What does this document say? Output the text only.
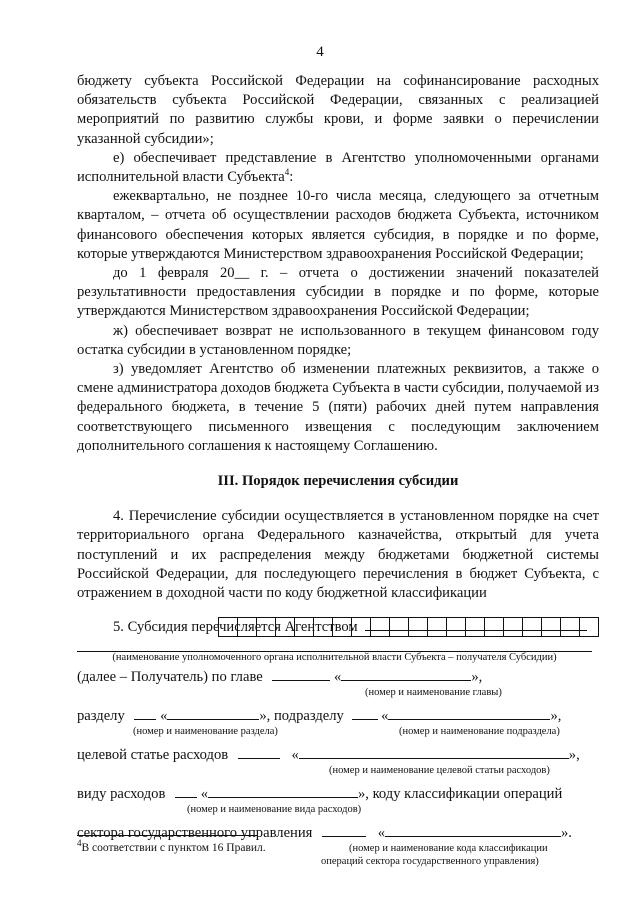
4

бюджету субъекта Российской Федерации на софинансирование расходных обязательств субъекта Российской Федерации, связанных с реализацией мероприятий по развитию службы крови, и форме заявки о перечислении указанной субсидии»;

е) обеспечивает представление в Агентство уполномоченными органами исполнительной власти Субъекта$^4$:

ежеквартально, не позднее 10-го числа месяца, следующего за отчетным кварталом, – отчета об осуществлении расходов бюджета Субъекта, источником финансового обеспечения которых является субсидия, в порядке и по форме, которые утверждаются Министерством здравоохранения Российской Федерации;

до 1 февраля 20__ г. – отчета о достижении значений показателей результативности предоставления субсидии в порядке и по форме, которые утверждаются Министерством здравоохранения Российской Федерации;

ж) обеспечивает возврат не использованного в текущем финансовом году остатка субсидии в установленном порядке;

з) уведомляет Агентство об изменении платежных реквизитов, а также о смене администратора доходов бюджета Субъекта в части субсидии, получаемой из федерального бюджета, в течение 5 (пяти) рабочих дней путем направления соответствующего письменного извещения с последующим заключением дополнительного соглашения к настоящему Соглашению.

III. Порядок перечисления субсидии

4. Перечисление субсидии осуществляется в установленном порядке на счет территориального органа Федерального казначейства, открытый для учета поступлений и их распределения между бюджетами бюджетной системы Российской Федерации, для последующего перечисления в бюджет Субъекта, с отражением в доходной части по коду бюджетной классификации

5. Субсидия перечисляется Агентством
(наименование уполномоченного органа исполнительной власти Субъекта – получателя Субсидии)
(далее – Получатель) по главе	«	»,
(номер и наименование главы)
разделу «	», подразделу	«	»,
(номер и наименование раздела)	(номер и наименование подраздела)
целевой статье расходов	«	»,
(номер и наименование целевой статьи расходов)
виду расходов «	», коду классификации операций
(номер и наименование вида расходов)
сектора государственного управления	«	».
(номер и наименование кода классификации
операций сектора государственного управления)
$^4$В соответствии с пунктом 16 Правил.
